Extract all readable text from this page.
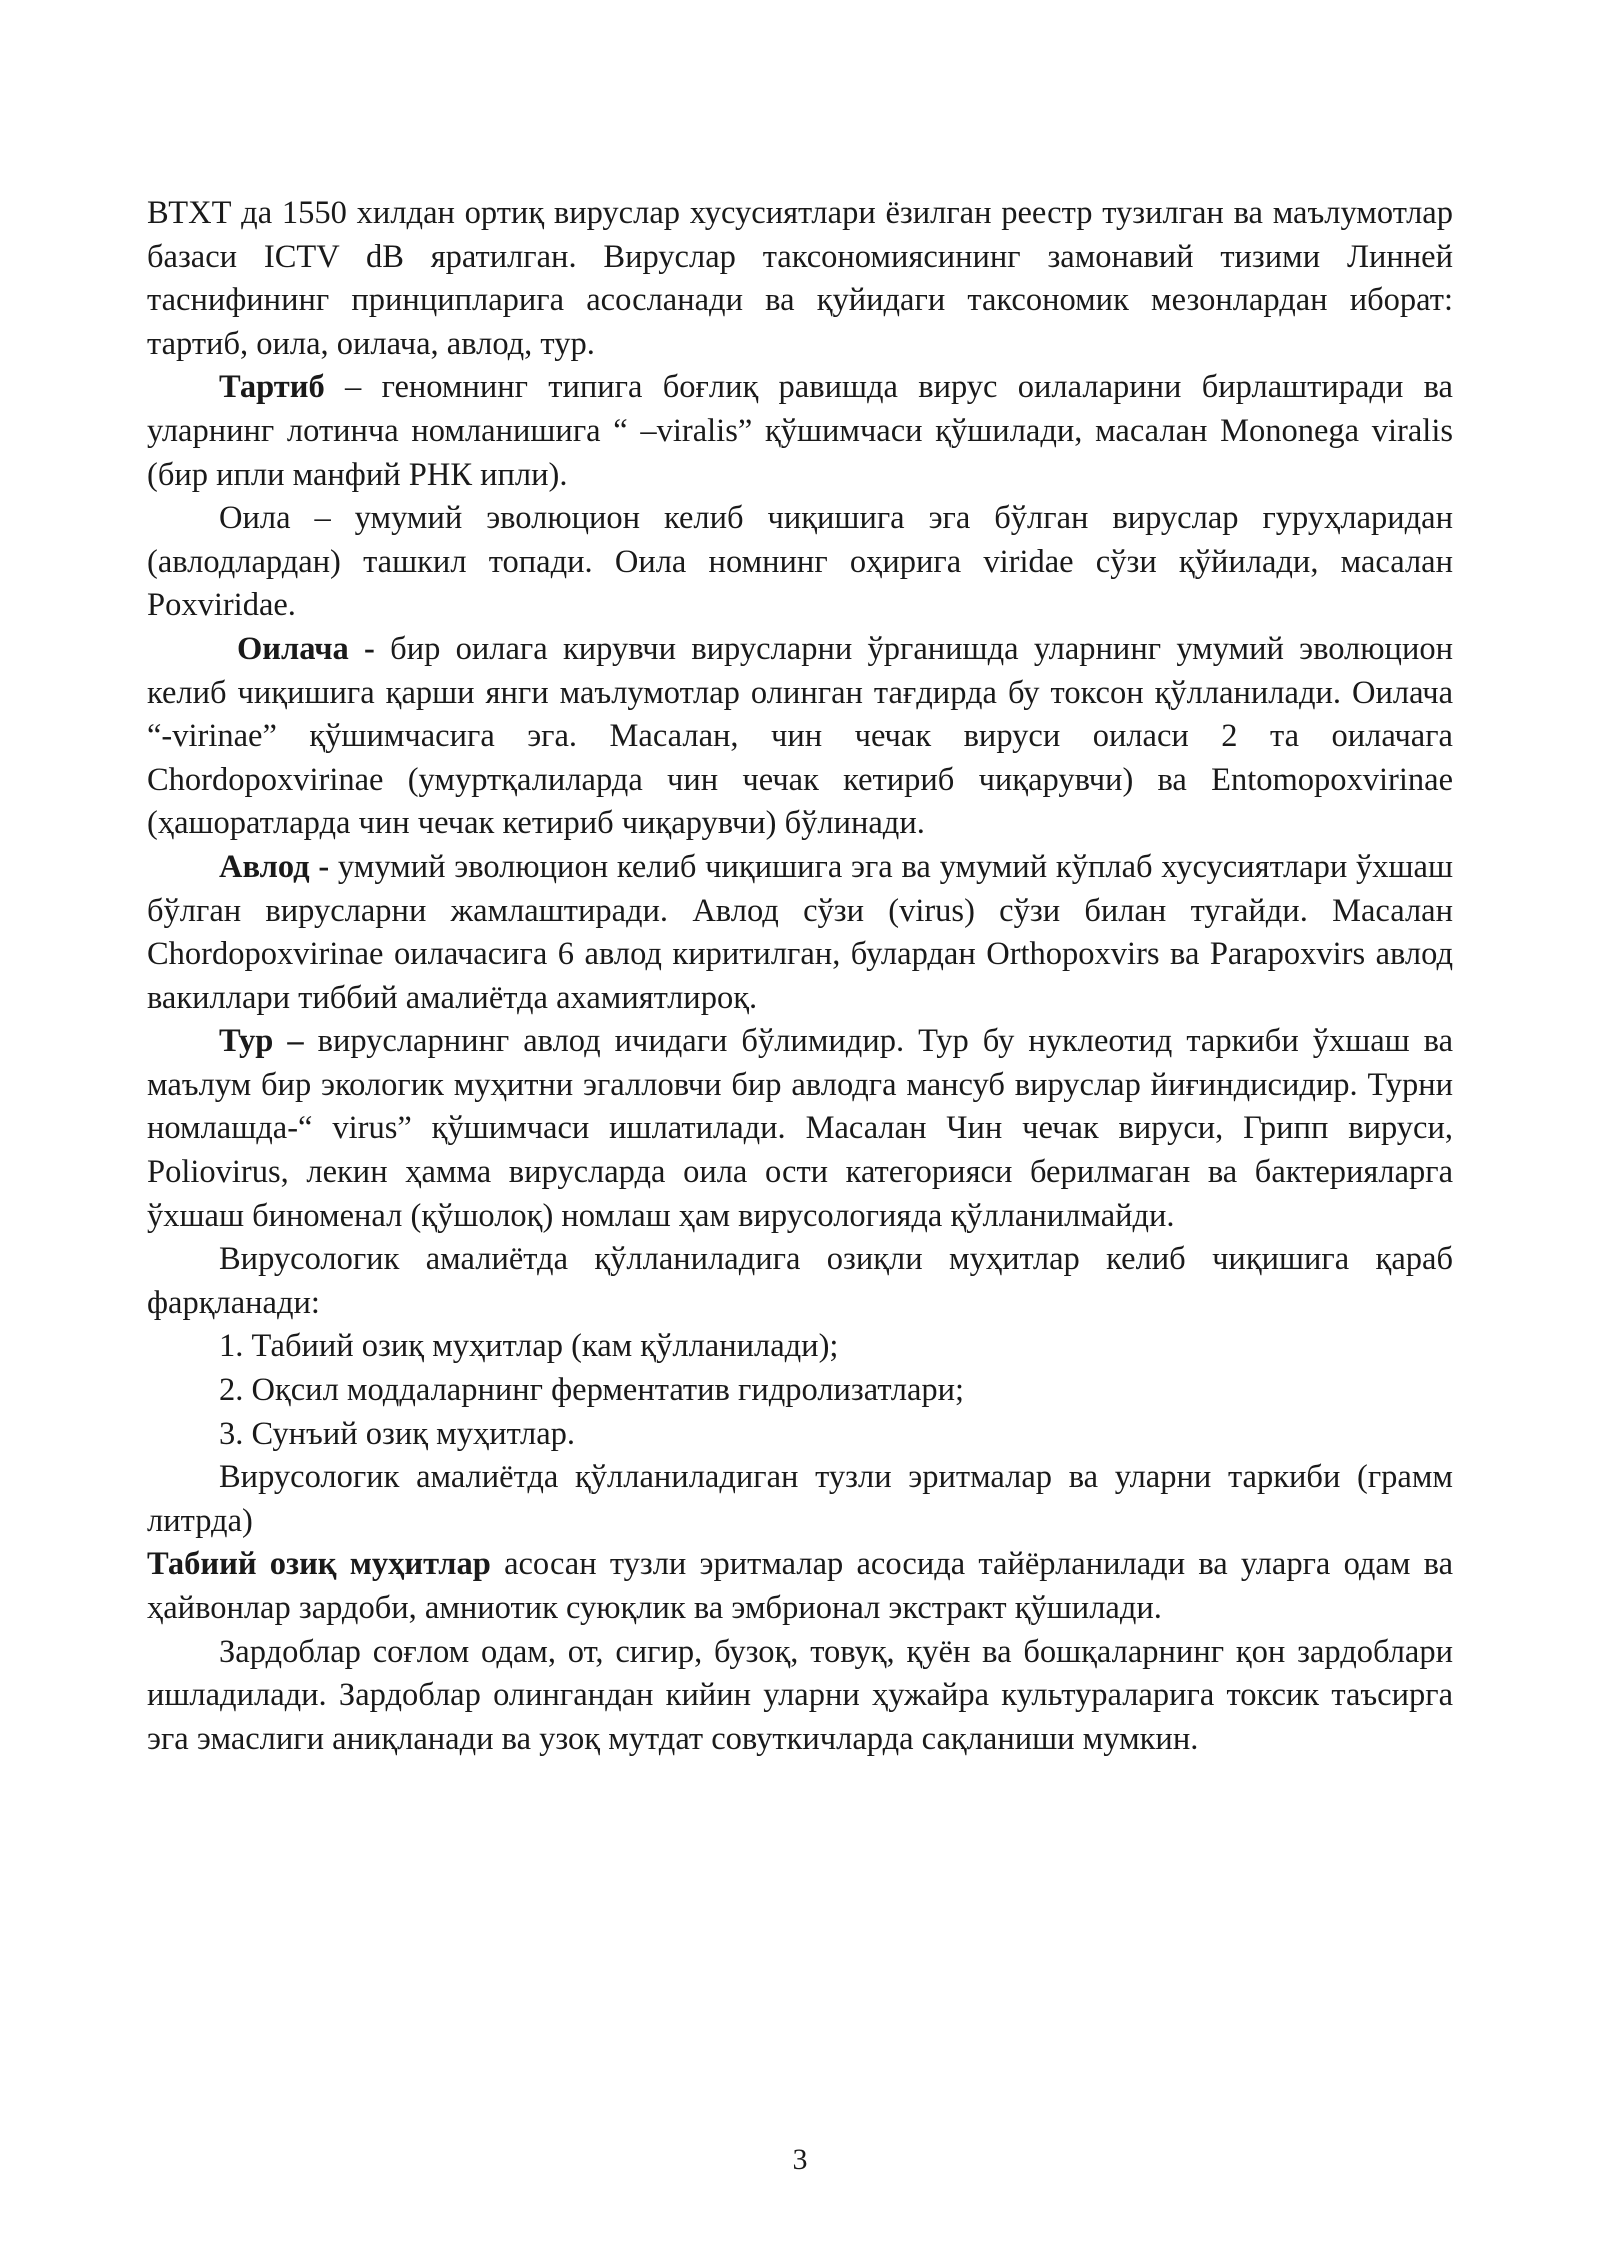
ВТХТ да 1550 хилдан ортиқ вируслар хусусиятлари ёзилган реестр тузилган ва маълумотлар базаси ICTV dB яратилган. Вируслар таксономиясининг замонавий тизими Линней таснифининг принципларига асосланади ва қуйидаги таксономик мезонлардан иборат: тартиб, оила, оилача, авлод, тур.

Тартиб – геномнинг типига боғлиқ равишда вирус оилаларини бирлаштиради ва уларнинг лотинча номланишига “ –viralis” қўшимчаси қўшилади, масалан Mononega viralis (бир ипли манфий РНК ипли).

Оила – умумий эволюцион келиб чиқишига эга бўлган вируслар гуруҳларидан (авлодлардан) ташкил топади. Оила номнинг оҳирига viridae сўзи қўйилади, масалан Poxviridae.

Оилача - бир оилага кирувчи вирусларни ўрганишда уларнинг умумий эволюцион келиб чиқишига қарши янги маълумотлар олинган тағдирда бу токсон қўлланилади. Оилача “-virinae” қўшимчасига эга. Масалан, чин чечак вируси оиласи 2 та оилачага Chordopoxvirinae (умуртқалиларда чин чечак кетириб чиқарувчи) ва Entomopoxvirinae (ҳашоратларда чин чечак кетириб чиқарувчи) бўлинади.

Авлод - умумий эволюцион келиб чиқишига эга ва умумий кўплаб хусусиятлари ўхшаш бўлган вирусларни жамлаштиради. Авлод сўзи (virus) сўзи билан тугайди. Масалан Chordopoxvirinae оилачасига 6 авлод киритилган, булардан Orthopoxvirs ва Parapoxvirs авлод вакиллари тиббий амалиётда ахамиятлироқ.

Тур – вирусларнинг авлод ичидаги бўлимидир. Тур бу нуклеотид таркиби ўхшаш ва маълум бир экологик муҳитни эгалловчи бир авлодга мансуб вируслар йиғиндисидир. Турни номлашда-“ virus” қўшимчаси ишлатилади. Масалан Чин чечак вируси, Грипп вируси, Poliovirus, лекин ҳамма вирусларда оила ости категорияси берилмаган ва бактерияларга ўхшаш биноменал (қўшолоқ) номлаш ҳам вирусологияда қўлланилмайди.

Вирусологик амалиётда қўлланиладига озиқли муҳитлар келиб чиқишига қараб фарқланади:

1. Табиий озиқ муҳитлар (кам қўлланилади);

2. Оқсил моддаларнинг ферментатив гидролизатлари;

3. Сунъий озиқ муҳитлар.

Вирусологик амалиётда қўлланиладиган тузли эритмалар ва уларни таркиби (грамм литрда)

Табиий озиқ муҳитлар асосан тузли эритмалар асосида тайёрланилади ва уларга одам ва ҳайвонлар зардоби, амниотик суюқлик ва эмбрионал экстракт қўшилади.

Зардоблар соғлом одам, от, сигир, бузоқ, товуқ, қуён ва бошқаларнинг қон зардоблари ишладилади. Зардоблар олингандан кийин уларни ҳужайра культураларига токсик таъсирга эга эмаслиги аниқланади ва узоқ мутдат совуткичларда сақланиши мумкин.

3
